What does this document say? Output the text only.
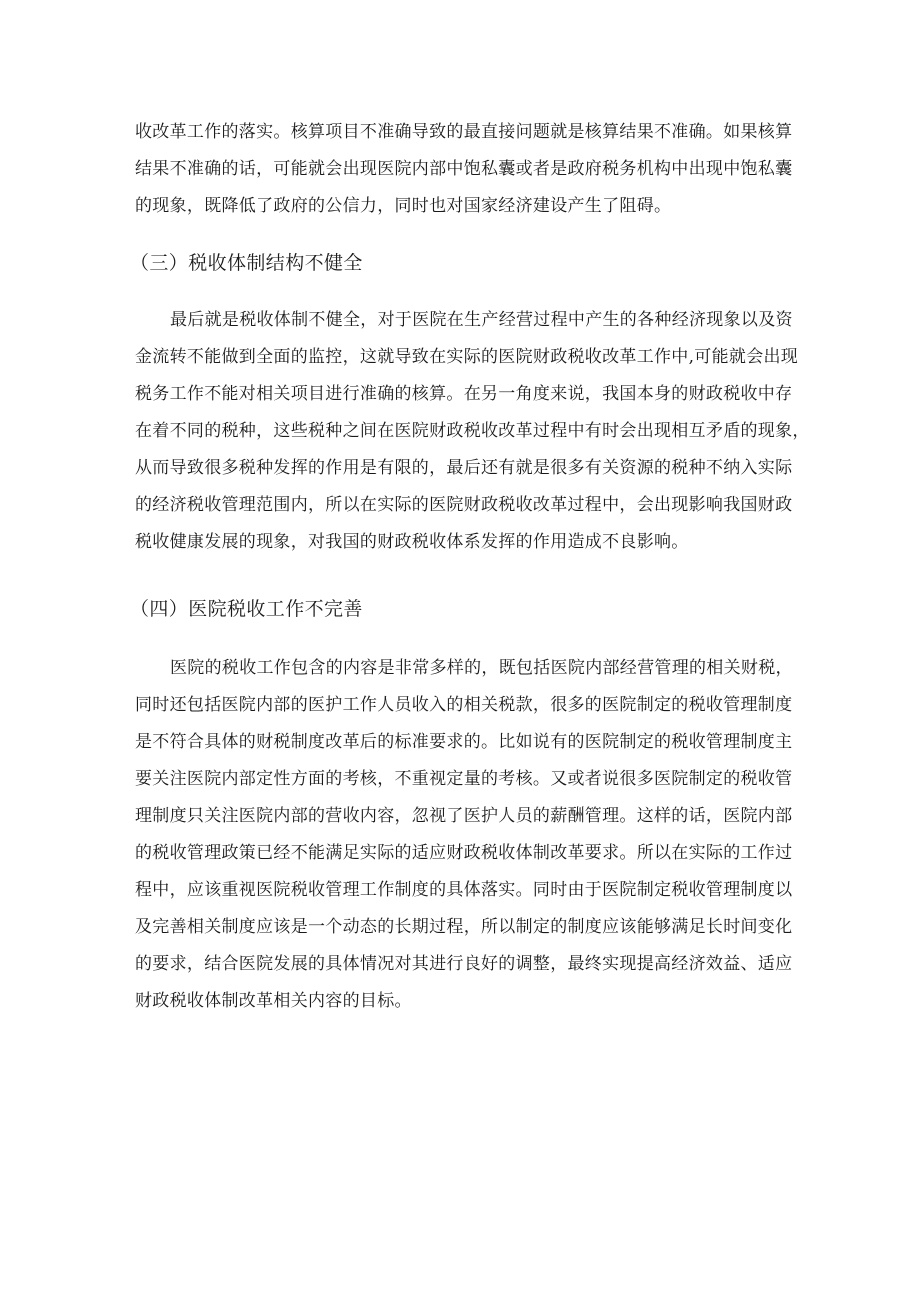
收改革工作的落实。核算项目不准确导致的最直接问题就是核算结果不准确。如果核算
结果不准确的话，可能就会出现医院内部中饱私囊或者是政府税务机构中出现中饱私囊
的现象，既降低了政府的公信力，同时也对国家经济建设产生了阻碍。
（三）税收体制结构不健全
最后就是税收体制不健全，对于医院在生产经营过程中产生的各种经济现象以及资
金流转不能做到全面的监控，这就导致在实际的医院财政税收改革工作中,可能就会出现
税务工作不能对相关项目进行准确的核算。在另一角度来说，我国本身的财政税收中存
在着不同的税种，这些税种之间在医院财政税收改革过程中有时会出现相互矛盾的现象，
从而导致很多税种发挥的作用是有限的，最后还有就是很多有关资源的税种不纳入实际
的经济税收管理范围内，所以在实际的医院财政税收改革过程中，会出现影响我国财政
税收健康发展的现象，对我国的财政税收体系发挥的作用造成不良影响。
（四）医院税收工作不完善
医院的税收工作包含的内容是非常多样的，既包括医院内部经营管理的相关财税，
同时还包括医院内部的医护工作人员收入的相关税款，很多的医院制定的税收管理制度
是不符合具体的财税制度改革后的标准要求的。比如说有的医院制定的税收管理制度主
要关注医院内部定性方面的考核，不重视定量的考核。又或者说很多医院制定的税收管
理制度只关注医院内部的营收内容，忽视了医护人员的薪酬管理。这样的话，医院内部
的税收管理政策已经不能满足实际的适应财政税收体制改革要求。所以在实际的工作过
程中，应该重视医院税收管理工作制度的具体落实。同时由于医院制定税收管理制度以
及完善相关制度应该是一个动态的长期过程，所以制定的制度应该能够满足长时间变化
的要求，结合医院发展的具体情况对其进行良好的调整，最终实现提高经济效益、适应
财政税收体制改革相关内容的目标。
